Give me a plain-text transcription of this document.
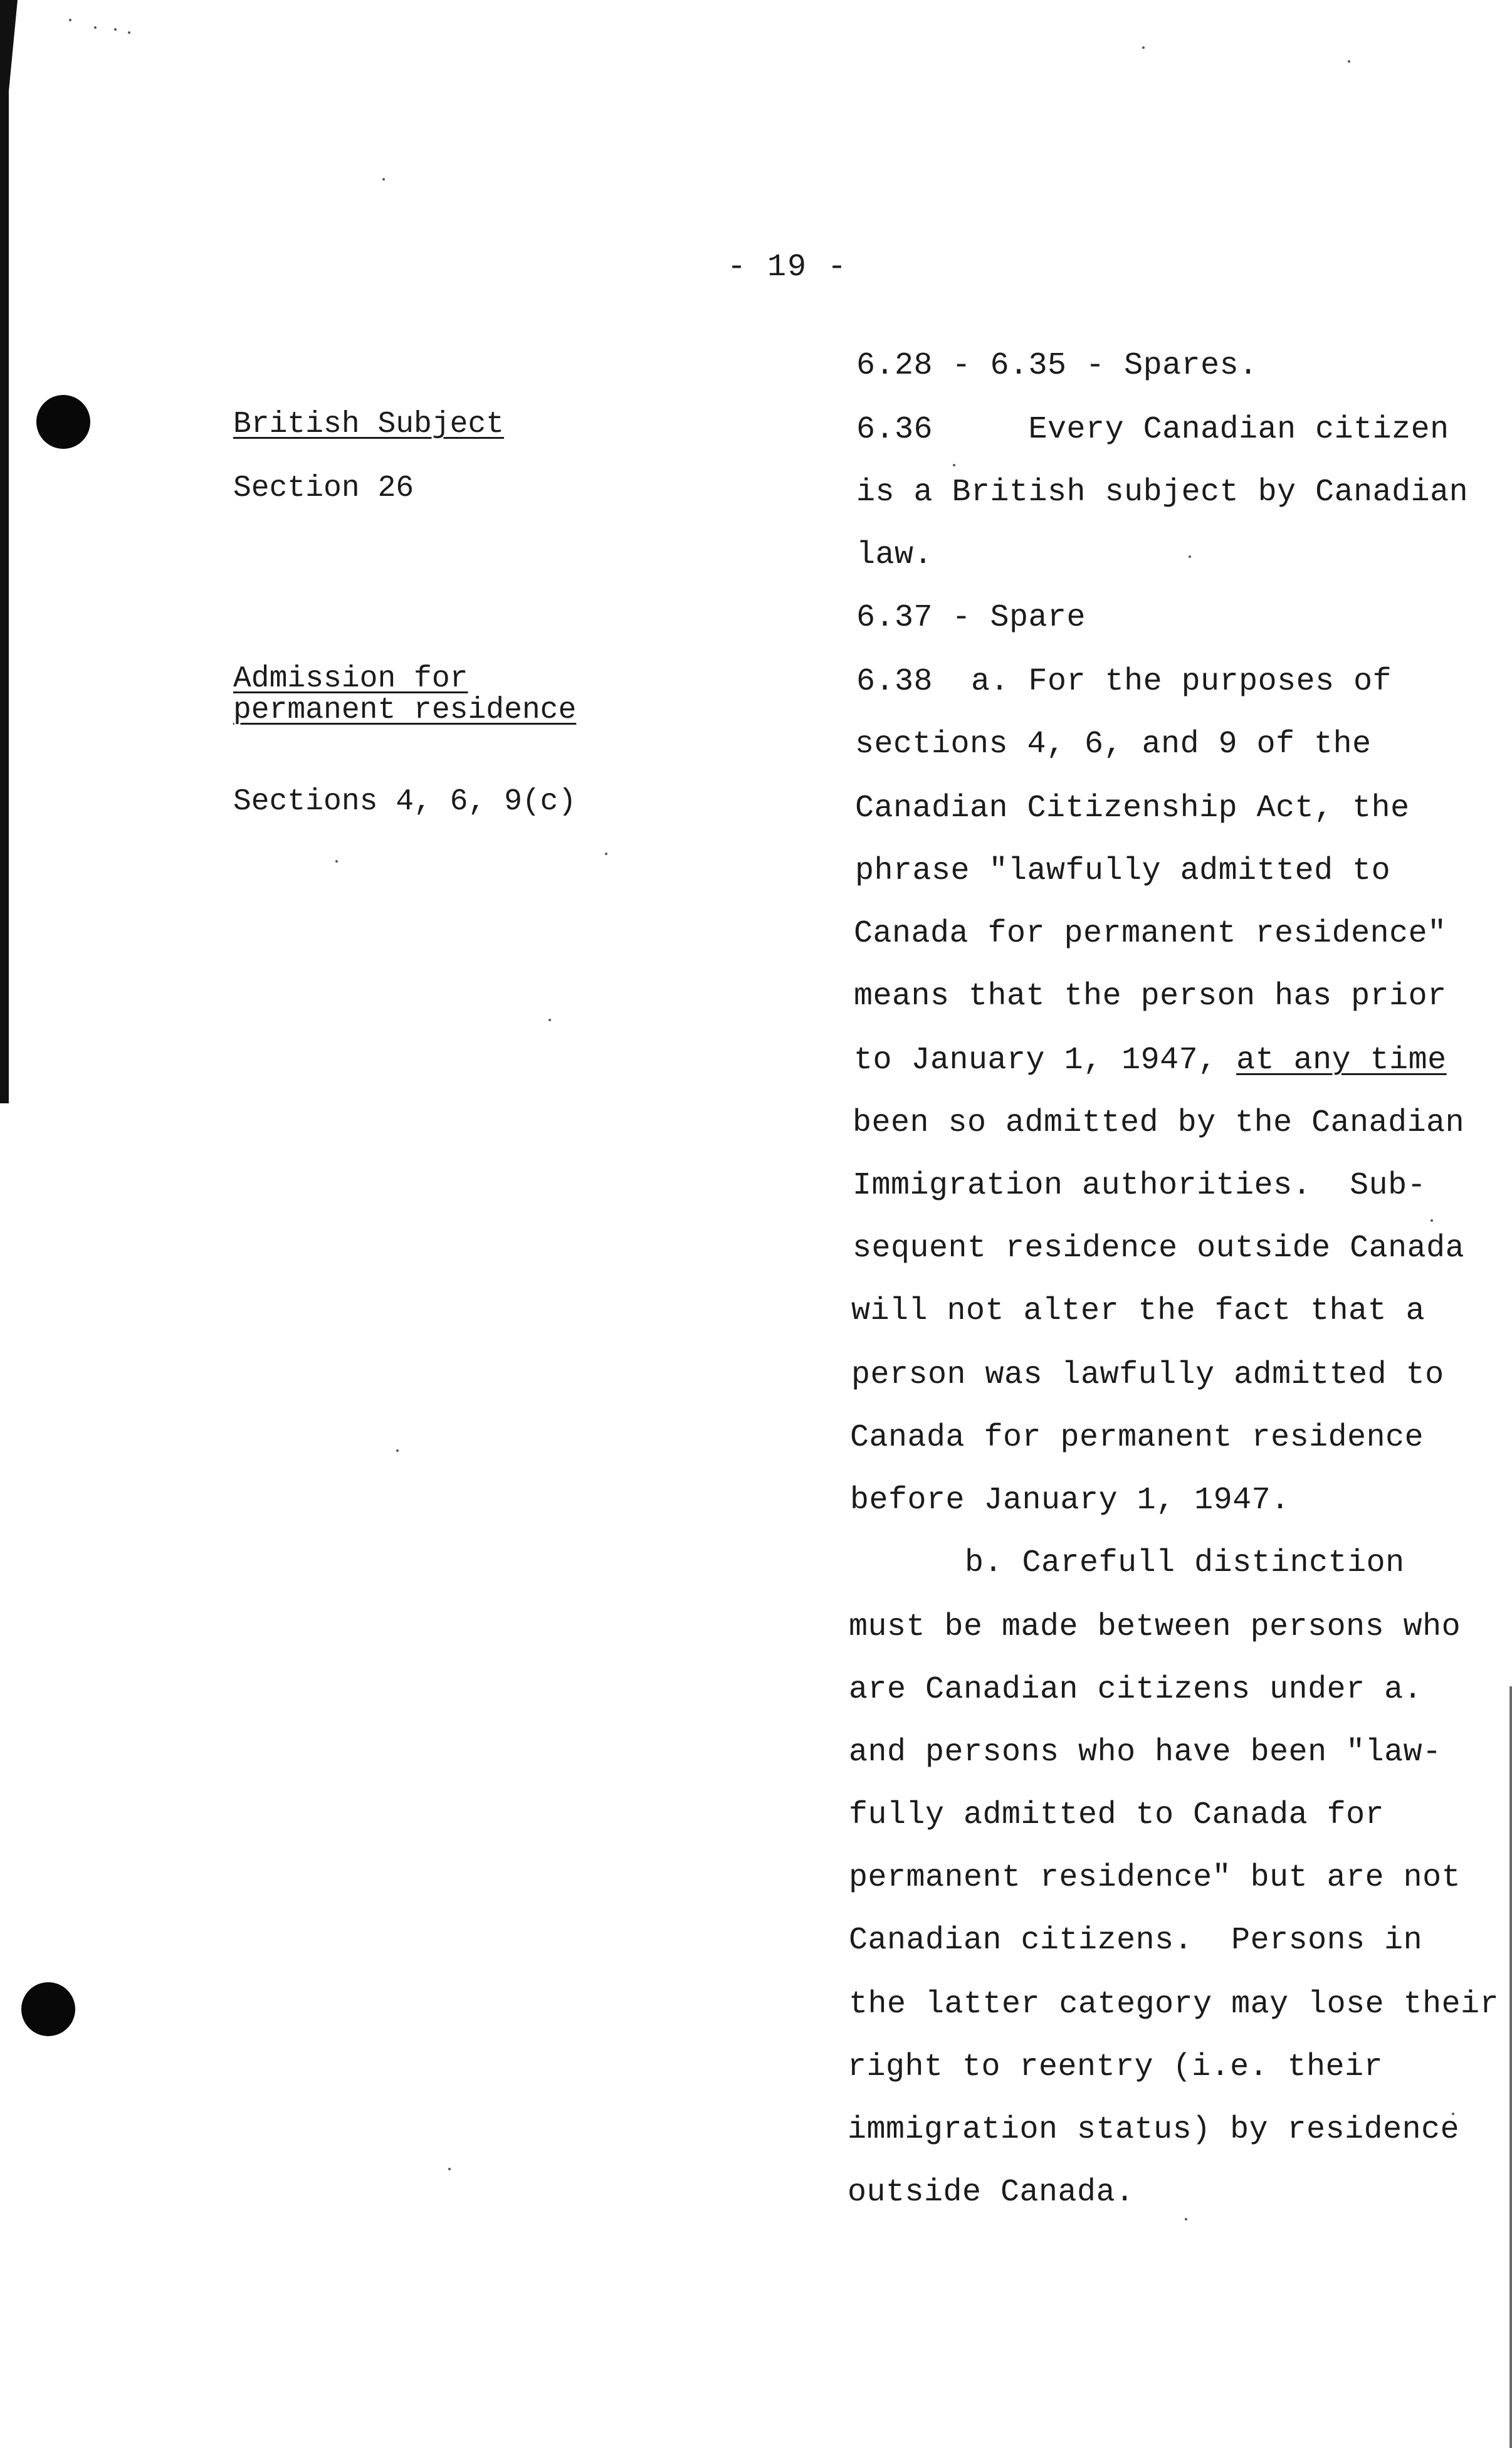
- 19 -
British Subject
Section 26
Admission for
permanent residence
Sections 4, 6, 9(c)
6.28 - 6.35 - Spares.
6.36     Every Canadian citizen
is a British subject by Canadian
law.
6.37 - Spare
6.38  a. For the purposes of
sections 4, 6, and 9 of the
Canadian Citizenship Act, the
phrase "lawfully admitted to
Canada for permanent residence"
means that the person has prior
to January 1, 1947, at any time
been so admitted by the Canadian
Immigration authorities.  Sub-
sequent residence outside Canada
will not alter the fact that a
person was lawfully admitted to
Canada for permanent residence
before January 1, 1947.
b. Carefull distinction
must be made between persons who
are Canadian citizens under a.
and persons who have been "law-
fully admitted to Canada for
permanent residence" but are not
Canadian citizens.  Persons in
the latter category may lose their
right to reentry (i.e. their
immigration status) by residence
outside Canada.
